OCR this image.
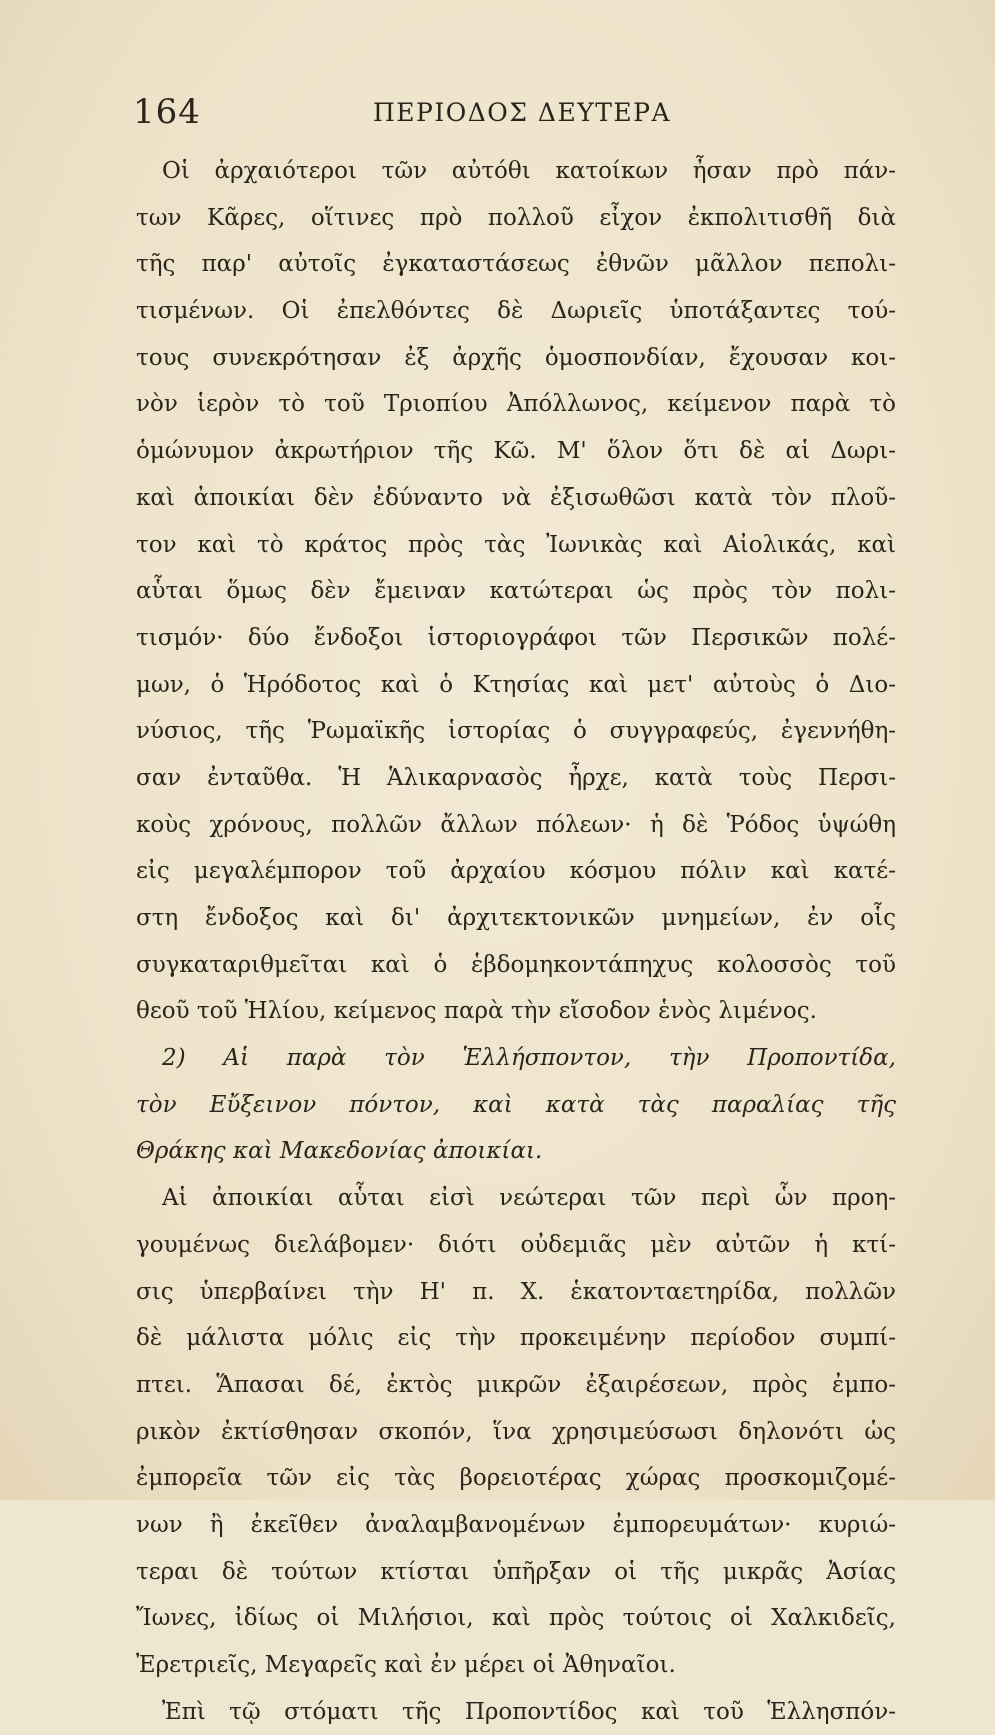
164	ΠΕΡΙΟΔΟΣ ΔΕΥΤΕΡΑ
Οἱ ἀρχαιότεροι τῶν αὐτόθι κατοίκων ἦσαν πρὸ πάν-
των Κᾶρες, οἵτινες πρὸ πολλοῦ εἶχον ἐκπολιτισθῆ διὰ
τῆς παρ' αὐτοῖς ἐγκαταστάσεως ἐθνῶν μᾶλλον πεπολι-
τισμένων. Οἱ ἐπελθόντες δὲ Δωριεῖς ὑποτάξαντες τού-
τους συνεκρότησαν ἐξ ἀρχῆς ὁμοσπονδίαν, ἔχουσαν κοι-
νὸν ἱερὸν τὸ τοῦ Τριοπίου Ἀπόλλωνος, κείμενον παρὰ τὸ
ὁμώνυμον ἀκρωτήριον τῆς Κῶ. Μ' ὅλον ὅτι δὲ αἱ Δωρι-
καὶ ἀποικίαι δὲν ἐδύναντο νὰ ἐξισωθῶσι κατὰ τὸν πλοῦ-
τον καὶ τὸ κράτος πρὸς τὰς Ἰωνικὰς καὶ Αἰολικάς, καὶ
αὗται ὅμως δὲν ἔμειναν κατώτεραι ὡς πρὸς τὸν πολι-
τισμόν· δύο ἔνδοξοι ἱστοριογράφοι τῶν Περσικῶν πολέ-
μων, ὁ Ἡρόδοτος καὶ ὁ Κτησίας καὶ μετ' αὐτοὺς ὁ Διο-
νύσιος, τῆς Ῥωμαϊκῆς ἱστορίας ὁ συγγραφεύς, ἐγεννήθη-
σαν ἐνταῦθα. Ἡ Ἁλικαρνασὸς ἦρχε, κατὰ τοὺς Περσι-
κοὺς χρόνους, πολλῶν ἄλλων πόλεων· ἡ δὲ Ῥόδος ὑψώθη
εἰς μεγαλέμπορον τοῦ ἀρχαίου κόσμου πόλιν καὶ κατέ-
στη ἔνδοξος καὶ δι' ἀρχιτεκτονικῶν μνημείων, ἐν οἷς
συγκαταριθμεῖται καὶ ὁ ἑβδομηκοντάπηχυς κολοσσὸς τοῦ
θεοῦ τοῦ Ἡλίου, κείμενος παρὰ τὴν εἴσοδον ἑνὸς λιμένος.
2) Αἱ παρὰ τὸν Ἑλλήσποντον, τὴν Προποντίδα,
τὸν Εὔξεινον πόντον, καὶ κατὰ τὰς παραλίας τῆς
Θράκης καὶ Μακεδονίας ἀποικίαι.
Αἱ ἀποικίαι αὗται εἰσὶ νεώτεραι τῶν περὶ ὧν προη-
γουμένως διελάβομεν· διότι οὐδεμιᾶς μὲν αὐτῶν ἡ κτί-
σις ὑπερβαίνει τὴν Η' π. Χ. ἑκατονταετηρίδα, πολλῶν
δὲ μάλιστα μόλις εἰς τὴν προκειμένην περίοδον συμπί-
πτει. Ἅπασαι δέ, ἐκτὸς μικρῶν ἐξαιρέσεων, πρὸς ἐμπο-
ρικὸν ἐκτίσθησαν σκοπόν, ἵνα χρησιμεύσωσι δηλονότι ὡς
ἐμπορεῖα τῶν εἰς τὰς βορειοτέρας χώρας προσκομιζομέ-
νων ἢ ἐκεῖθεν ἀναλαμβανομένων ἐμπορευμάτων· κυριώ-
τεραι δὲ τούτων κτίσται ὑπῆρξαν οἱ τῆς μικρᾶς Ἀσίας
Ἴωνες, ἰδίως οἱ Μιλήσιοι, καὶ πρὸς τούτοις οἱ Χαλκιδεῖς,
Ἐρετριεῖς, Μεγαρεῖς καὶ ἐν μέρει οἱ Ἀθηναῖοι.
Ἐπὶ τῷ στόματι τῆς Προποντίδος καὶ τοῦ Ἑλλησπόν-
